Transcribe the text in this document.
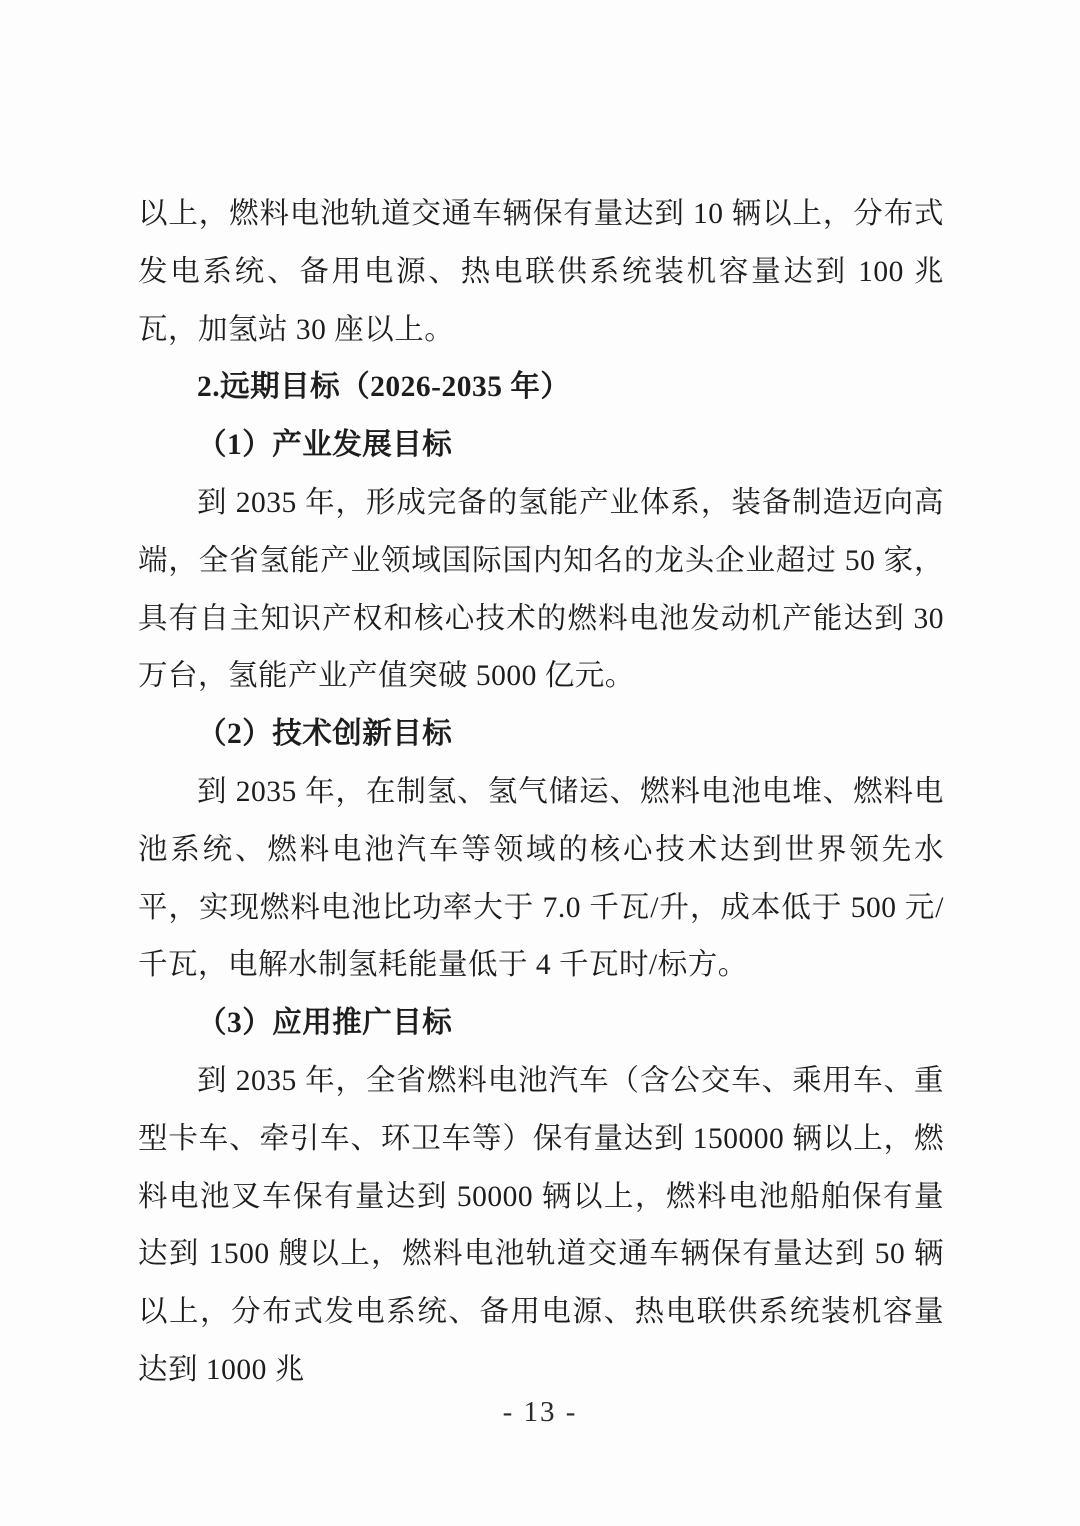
以上，燃料电池轨道交通车辆保有量达到 10 辆以上，分布式发电系统、备用电源、热电联供系统装机容量达到 100 兆瓦，加氢站 30 座以上。

2.远期目标（2026-2035 年）

（1）产业发展目标

到 2035 年，形成完备的氢能产业体系，装备制造迈向高端，全省氢能产业领域国际国内知名的龙头企业超过 50 家，具有自主知识产权和核心技术的燃料电池发动机产能达到 30 万台，氢能产业产值突破 5000 亿元。

（2）技术创新目标

到 2035 年，在制氢、氢气储运、燃料电池电堆、燃料电池系统、燃料电池汽车等领域的核心技术达到世界领先水平，实现燃料电池比功率大于 7.0 千瓦/升，成本低于 500 元/千瓦，电解水制氢耗能量低于 4 千瓦时/标方。

（3）应用推广目标

到 2035 年，全省燃料电池汽车（含公交车、乘用车、重型卡车、牵引车、环卫车等）保有量达到 150000 辆以上，燃料电池叉车保有量达到 50000 辆以上，燃料电池船舶保有量达到 1500 艘以上，燃料电池轨道交通车辆保有量达到 50 辆以上，分布式发电系统、备用电源、热电联供系统装机容量达到 1000 兆

- 13 -
